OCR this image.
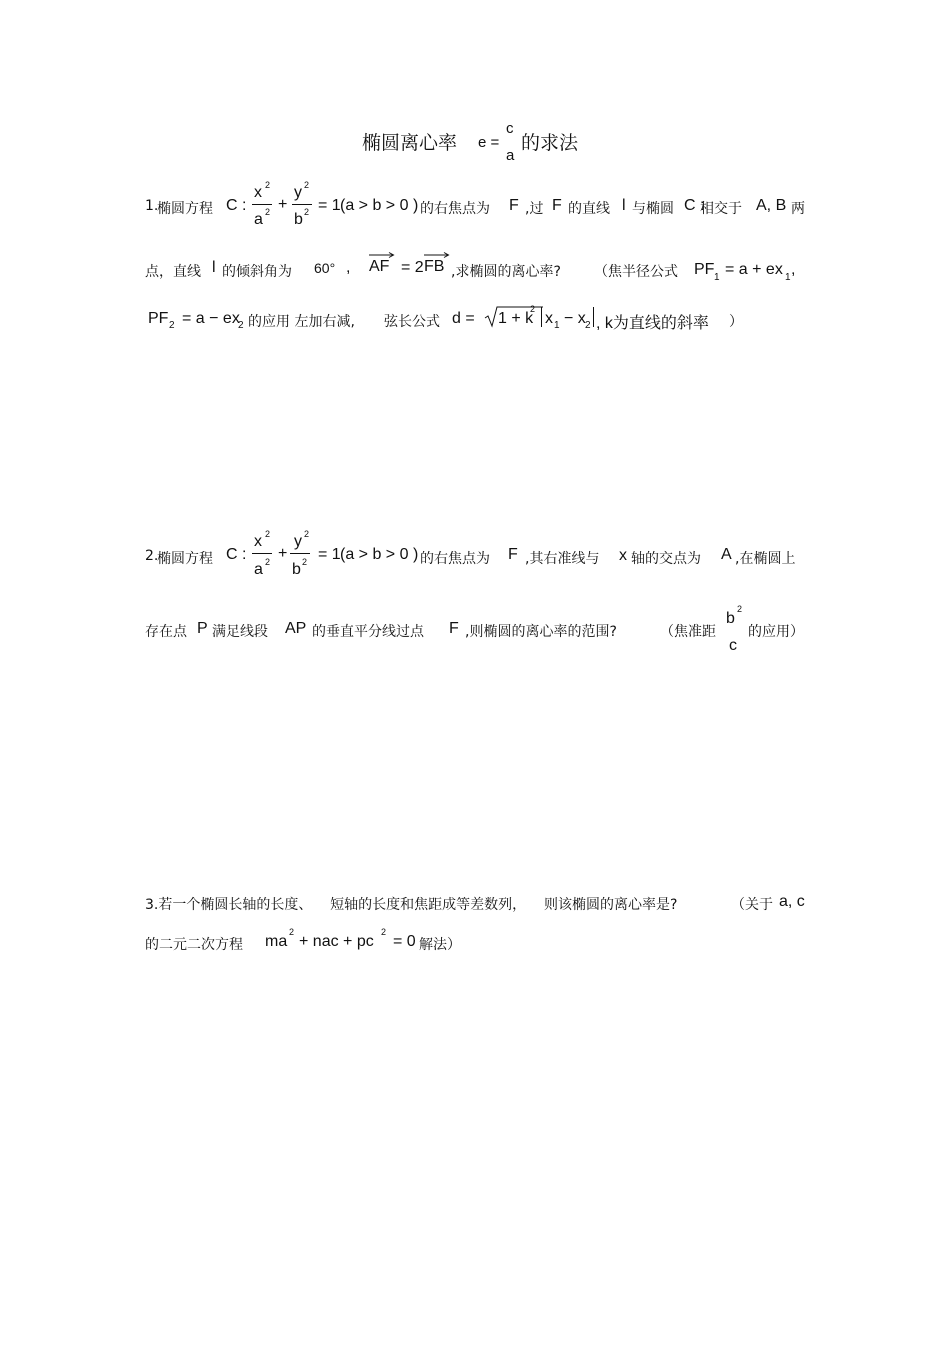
椭圆离心率 e =
c
a
的求法
1.
椭圆方程 C :
x 2
a 2 +
y 2
b 2 = 1 (a > b > 0 ) 的右焦点为 F ,过 F 的直线 l 与椭圆 C :
相交于 A, B 两
点，直线 l 的倾斜角为 60° , AF = 2 FB ,求椭圆的离心率? （焦半径公式 PF 1 = a + ex 1 ,
PF 2 = a − ex
2 的应用 左加右减, 弦长公式 d = 1 + k
2
x 1 − x 2 , k为直线的斜率 ）
2.
椭圆方程 C :
x 2
a 2 +
y 2
b 2 = 1 (a > b > 0 ) 的右焦点为 F ,其右准线与 x 轴的交点为 A ,在椭圆上
存在点 P 满足线段 AP 的垂直平分线过点 F ,则椭圆的离心率的范围?	（焦准距
b
2
c
的应用）
3.若一个椭圆长轴的长度、    短轴的长度和焦距成等差数列，    则该椭圆的离心率是?	（关于 a, c
的二元二次方程 ma
2
+ nac + pc
2
= 0 解法）
